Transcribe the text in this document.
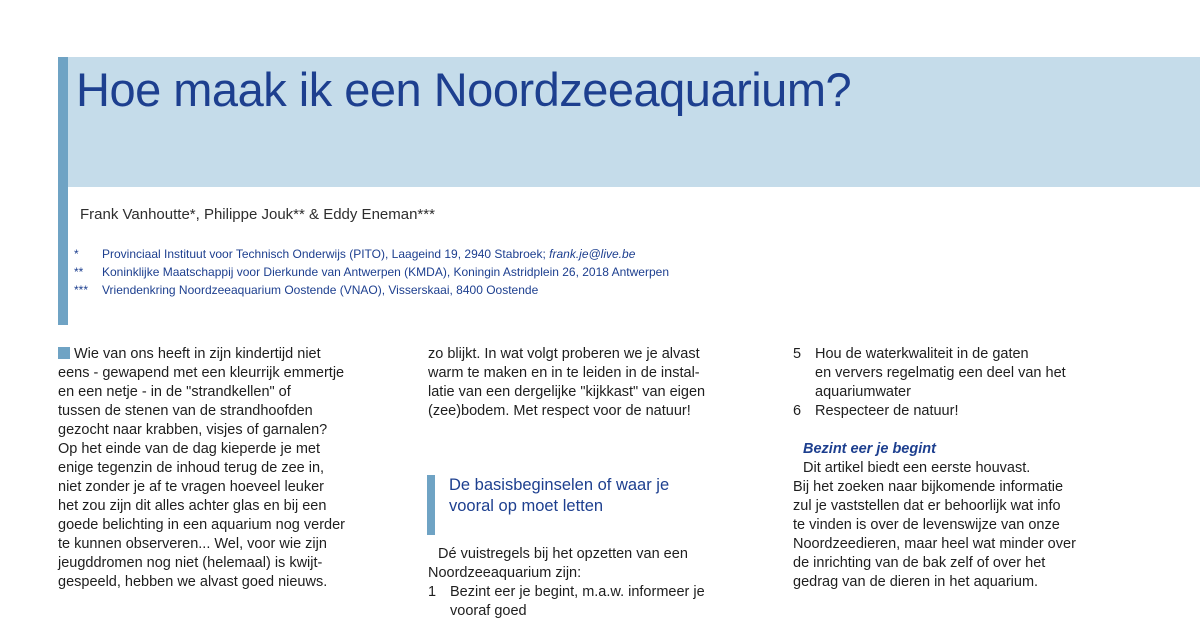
Hoe maak ik een Noordzeeaquarium?
Frank Vanhoutte*, Philippe Jouk** & Eddy Eneman***
* Provinciaal Instituut voor Technisch Onderwijs (PITO), Laageind 19, 2940 Stabroek; frank.je@live.be
** Koninklijke Maatschappij voor Dierkunde van Antwerpen (KMDA), Koningin Astridplein 26, 2018 Antwerpen
*** Vriendenkring Noordzeeaquarium Oostende (VNAO), Visserskaai, 8400 Oostende

Wie van ons heeft in zijn kindertijd niet

eens - gewapend met een kleurrijk emmertje

en een netje - in de "strandkellen" of

tussen de stenen van de strandhoofden

gezocht naar krabben, visjes of garnalen?

Op het einde van de dag kieperde je met

enige tegenzin de inhoud terug de zee in,

niet zonder je af te vragen hoeveel leuker

het zou zijn dit alles achter glas en bij een

goede belichting in een aquarium nog verder

te kunnen observeren... Wel, voor wie zijn

jeugddromen nog niet (helemaal) is kwijt-

gespeeld, hebben we alvast goed nieuws.

zo blijkt. In wat volgt proberen we je alvast

warm te maken en in te leiden in de instal-

latie van een dergelijke "kijkkast" van eigen

(zee)bodem. Met respect voor de natuur!

De basisbeginselen of waar je
vooral op moet letten

Dé vuistregels bij het opzetten van een

Noordzeeaquarium zijn:

1 Bezint eer je begint, m.a.w. informeer je

vooraf goed

5 Hou de waterkwaliteit in de gaten

en ververs regelmatig een deel van het

aquariumwater

6 Respecteer de natuur!

Bezint eer je begint

Dit artikel biedt een eerste houvast.

Bij het zoeken naar bijkomende informatie

zul je vaststellen dat er behoorlijk wat info

te vinden is over de levenswijze van onze

Noordzeedieren, maar heel wat minder over

de inrichting van de bak zelf of over het

gedrag van de dieren in het aquarium.
